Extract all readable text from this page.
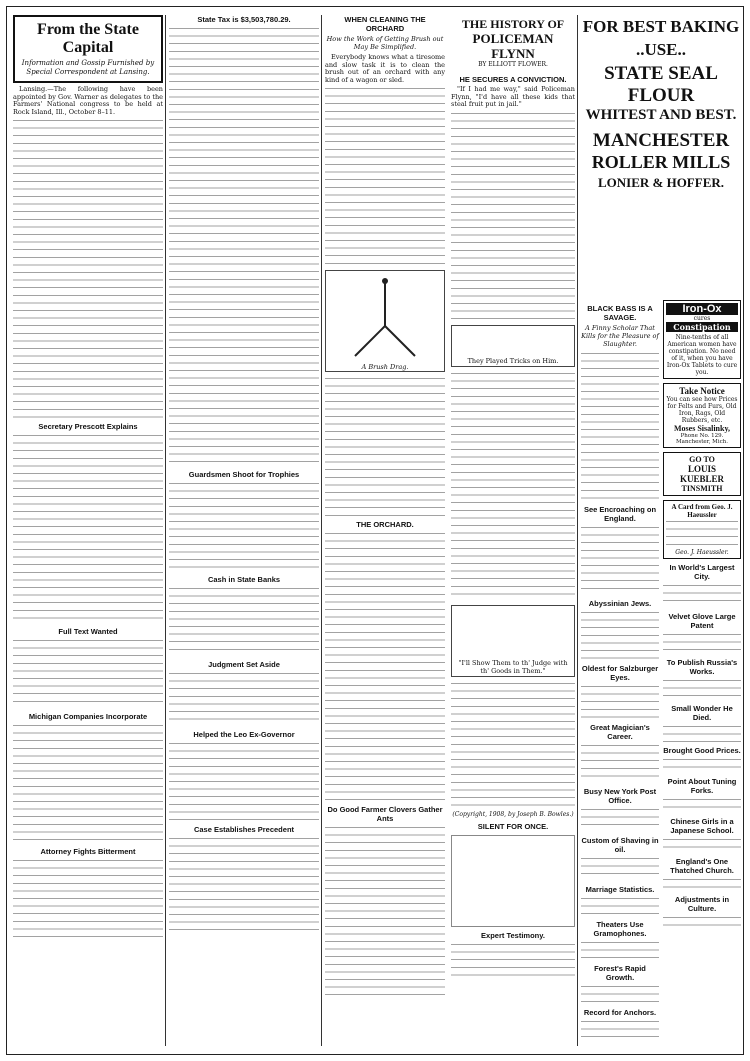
From the State Capital
Information and Gossip Furnished by Special Correspondent at Lansing.

Lansing.—The following have been appointed by Gov. Warner as delegates to the Farmers' National congress to be held at Rock Island, Ill., October 8–11.

Secretary Prescott Explains
Full Text Wanted
Michigan Companies Incorporate
Attorney Fights Bitterment
State Tax is $3,503,780.29.
Guardsmen Shoot for Trophies
Cash in State Banks
Judgment Set Aside
Helped the Leo Ex-Governor
Case Establishes Precedent
WHEN CLEANING THE ORCHARD
How the Work of Getting Brush out May Be Simplified.

Everybody knows what a tiresome and slow task it is to clean the brush out of an orchard with any kind of a wagon or sled.

A Brush Drag.
THE ORCHARD.
Do Good Farmer Clovers Gather Ants
THE HISTORY OF
POLICEMAN FLYNN
BY ELLIOTT FLOWER.
HE SECURES A CONVICTION.

"If I had me way," said Policeman Flynn, "I'd have all these kids that steal fruit put in jail."

They Played Tricks on Him.
"I'll Show Them to th' Judge with th' Goods in Them."
(Copyright, 1908, by Joseph B. Bowles.)
SILENT FOR ONCE.
Expert Testimony.
FOR BEST BAKING
..USE..
STATE SEAL FLOUR
WHITEST AND BEST.
MANCHESTER
ROLLER MILLS
LONIER & HOFFER.
BLACK BASS IS A SAVAGE.
A Finny Scholar That Kills for the Pleasure of Slaughter.
See Encroaching on England.
Abyssinian Jews.
Oldest for Salzburger Eyes.
Great Magician's Career.
Busy New York Post Office.
Custom of Shaving in oil.
Marriage Statistics.
Theaters Use Gramophones.
Forest's Rapid Growth.
Record for Anchors.
Iron-Ox
cures
Constipation
Nine-tenths of all American women have constipation. No need of it, when you have Iron-Ox Tablets to cure you.
Take Notice
You can see how Prices for Felts and Furs, Old Iron, Rags, Old Rubbers, etc.
Moses Sisalinky,
Phone No. 129. Manchester, Mich.
GO TO
LOUIS KUEBLER
TINSMITH
A Card from Geo. J. Haeussler
Geo. J. Haeussler.
In World's Largest City.
Velvet Glove Large Patent
To Publish Russia's Works.
Small Wonder He Died.
Brought Good Prices.
Point About Tuning Forks.
Chinese Girls in a Japanese School.
England's One Thatched Church.
Adjustments in Culture.
